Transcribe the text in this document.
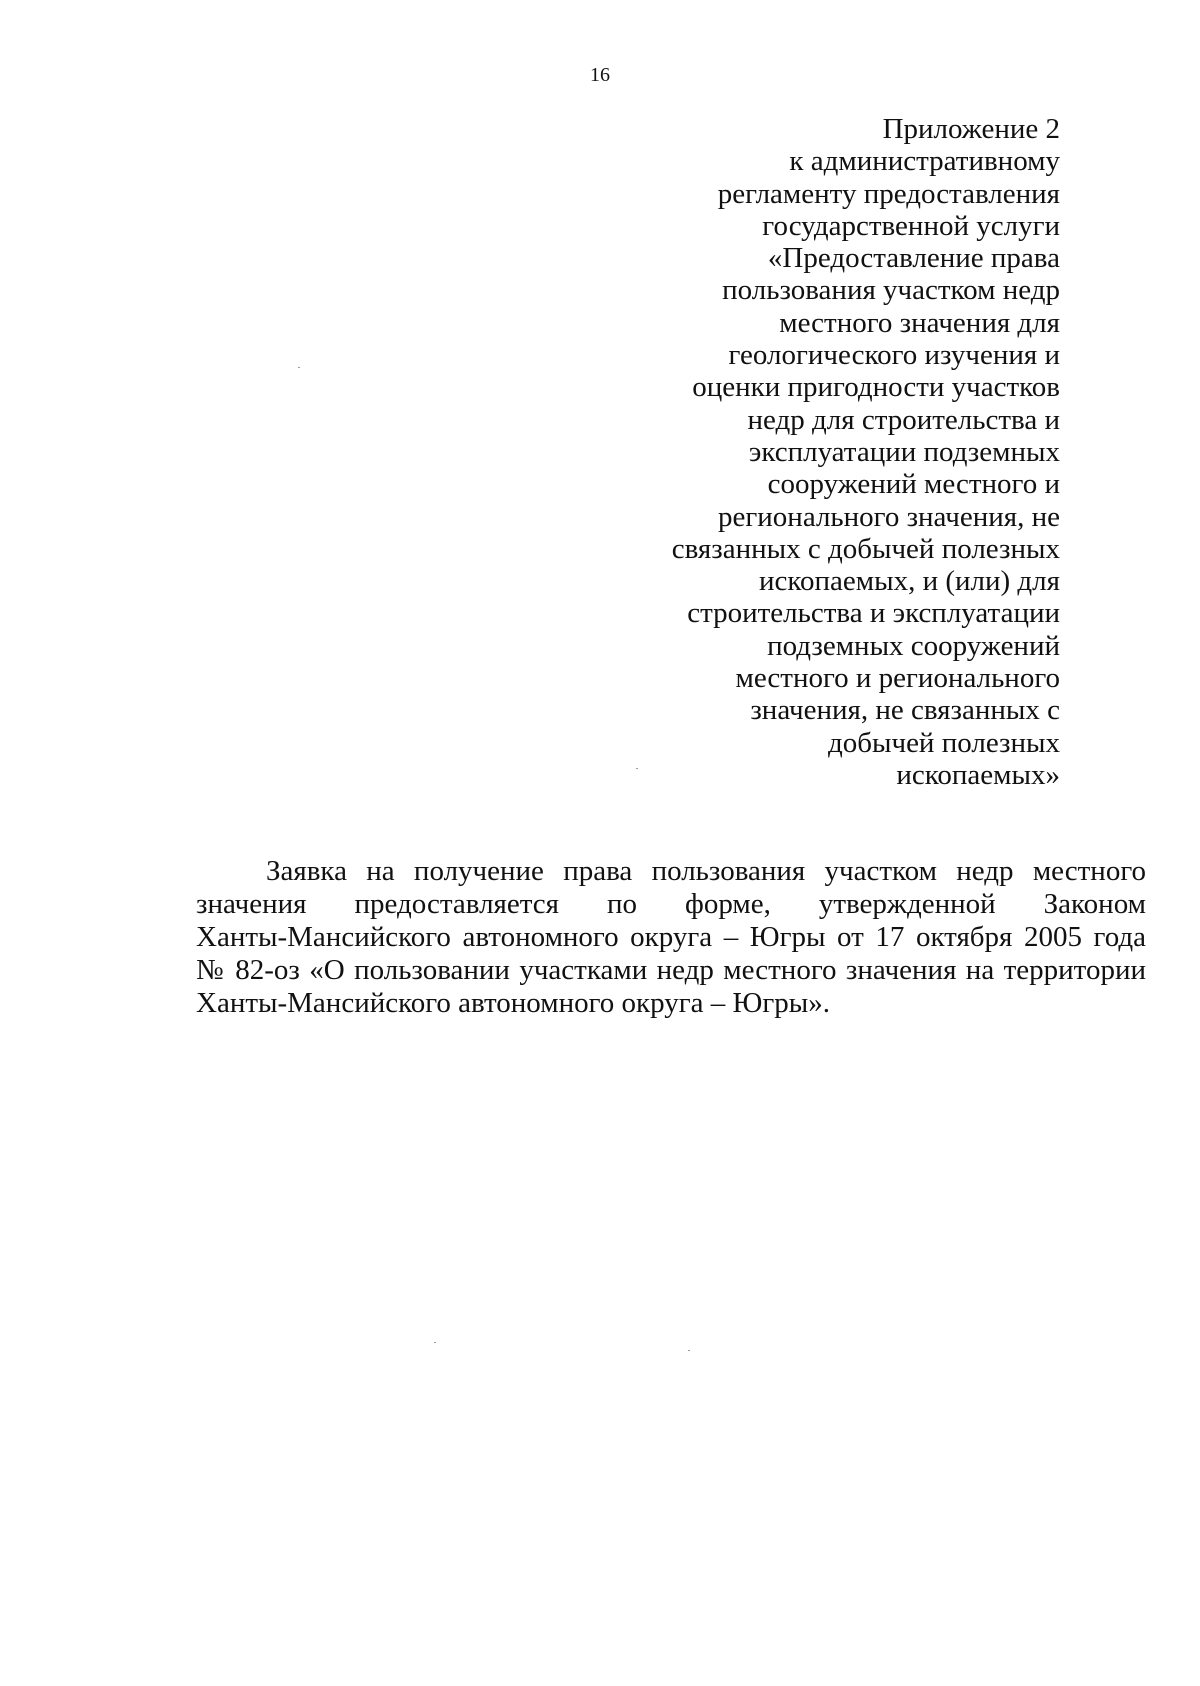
16
Приложение 2
к административному
регламенту предоставления
государственной услуги
«Предоставление права
пользования участком недр
местного значения для
геологического изучения и
оценки пригодности участков
недр для строительства и
эксплуатации подземных
сооружений местного и
регионального значения, не
связанных с добычей полезных
ископаемых, и (или) для
строительства и эксплуатации
подземных сооружений
местного и регионального
значения, не связанных с
добычей полезных
ископаемых»
Заявка на получение права пользования участком недр местного
значения предоставляется по форме, утвержденной Законом
Ханты-Мансийского автономного округа – Югры от 17 октября 2005 года
№ 82-оз «О пользовании участками недр местного значения на территории
Ханты-Мансийского автономного округа – Югры».
